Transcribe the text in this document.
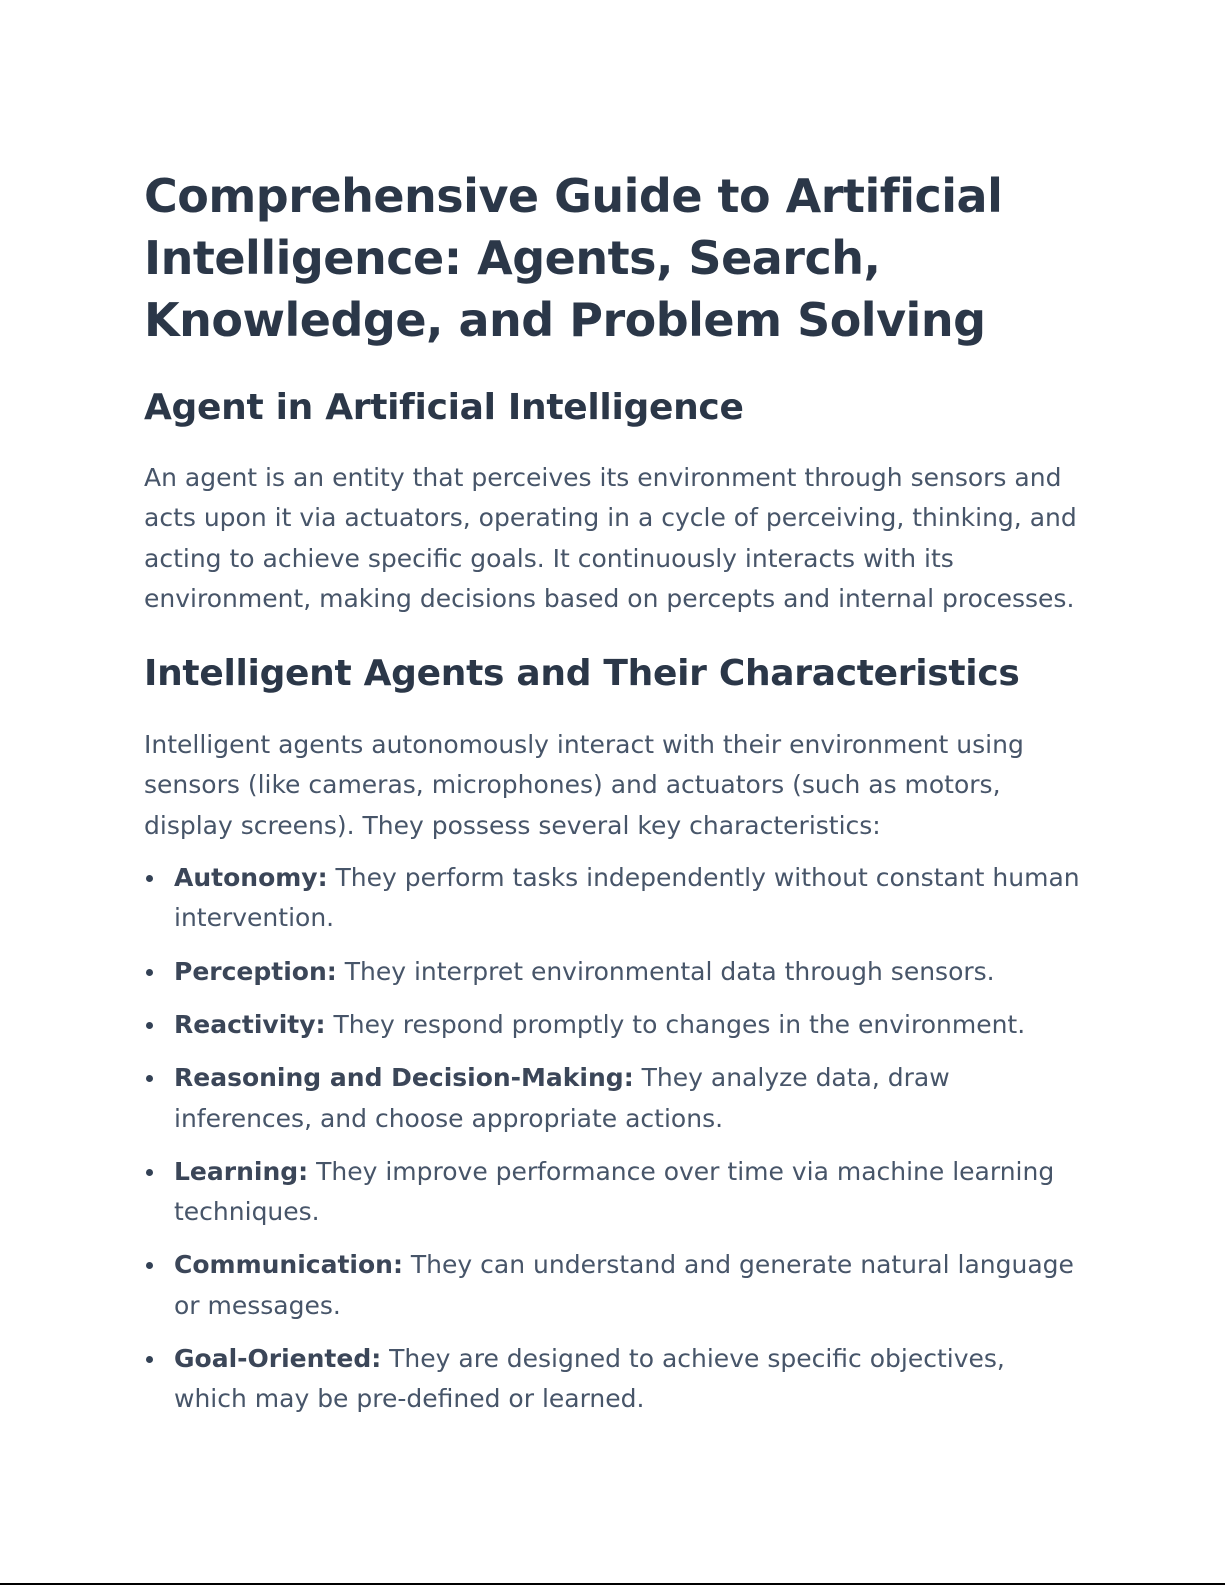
Comprehensive Guide to Artificial Intelligence: Agents, Search, Knowledge, and Problem Solving
Agent in Artificial Intelligence

An agent is an entity that perceives its environment through sensors and acts upon it via actuators, operating in a cycle of perceiving, thinking, and acting to achieve specific goals. It continuously interacts with its environment, making decisions based on percepts and internal processes.

Intelligent Agents and Their Characteristics

Intelligent agents autonomously interact with their environment using sensors (like cameras, microphones) and actuators (such as motors, display screens). They possess several key characteristics:

Autonomy: They perform tasks independently without constant human intervention.
Perception: They interpret environmental data through sensors.
Reactivity: They respond promptly to changes in the environment.
Reasoning and Decision-Making: They analyze data, draw inferences, and choose appropriate actions.
Learning: They improve performance over time via machine learning techniques.
Communication: They can understand and generate natural language or messages.
Goal-Oriented: They are designed to achieve specific objectives, which may be pre-defined or learned.
